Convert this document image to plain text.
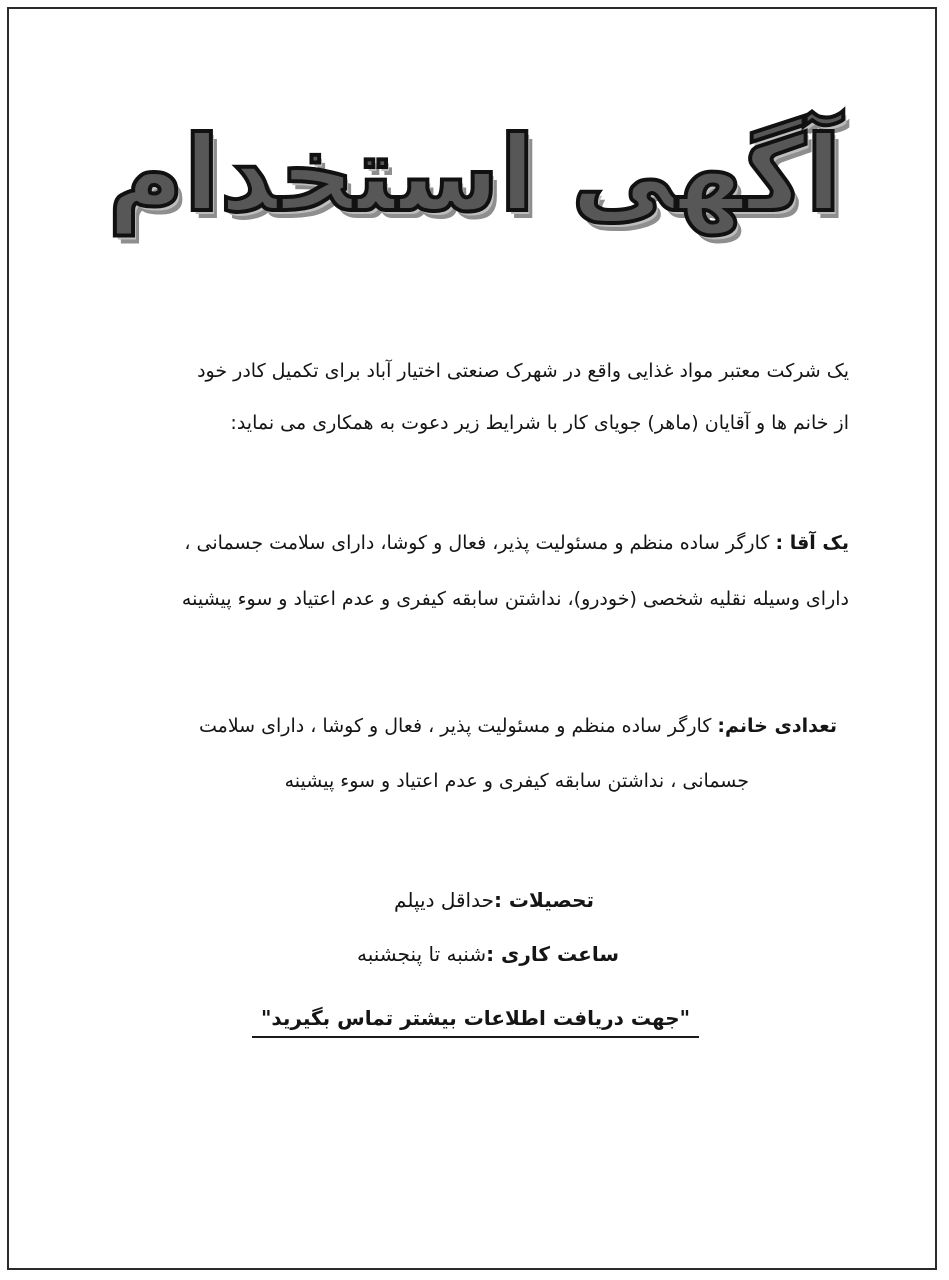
آگهی استخدام
یک شرکت معتبر مواد غذایی واقع در شهرک صنعتی اختیار آباد برای تکمیل کادر خود
از خانم ها و آقایان (ماهر) جویای کار با شرایط زیر دعوت به همکاری می نماید:
یک آقا : کارگر ساده منظم و مسئولیت پذیر، فعال و کوشا، دارای سلامت جسمانی ،
دارای وسیله نقلیه شخصی (خودرو)، نداشتن سابقه کیفری و عدم اعتیاد و سوء پیشینه
تعدادی خانم: کارگر ساده منظم و مسئولیت پذیر ، فعال و کوشا ، دارای سلامت
جسمانی ، نداشتن سابقه کیفری و عدم اعتیاد و سوء پیشینه
تحصیلات :حداقل دیپلم
ساعت کاری :شنبه تا پنجشنبه
"جهت دریافت اطلاعات بیشتر تماس بگیرید"
